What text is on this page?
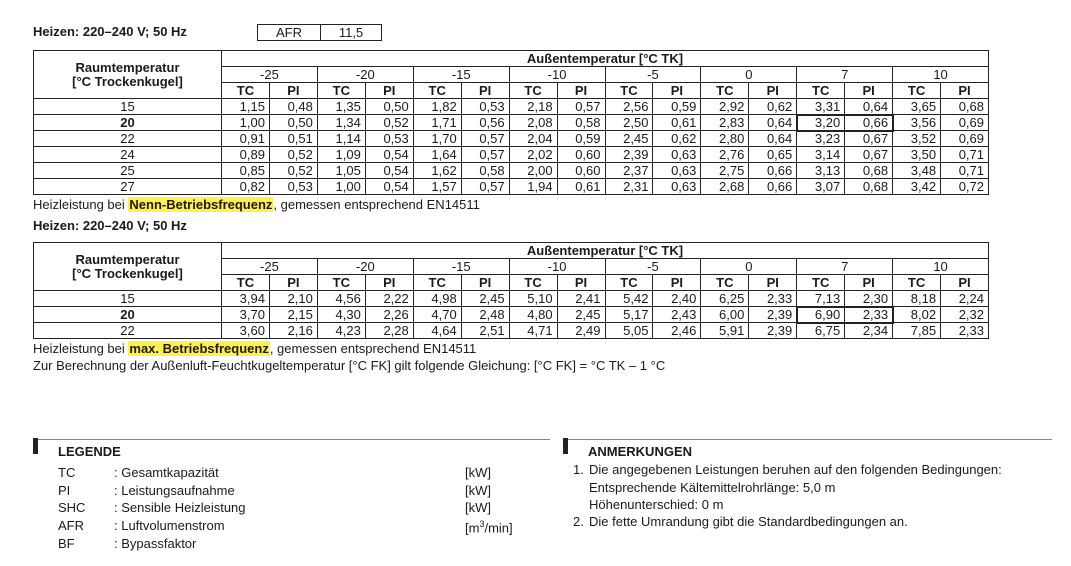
Heizen: 220–240 V; 50 Hz	AFR	11,5
Raumtemperatur
[°C Trockenkugel]	Außentemperatur [°C TK]															
	-25		-20		-15		-10		-5		0		7		10	
	TC	PI	TC	PI	TC	PI	TC	PI	TC	PI	TC	PI	TC	PI	TC	PI
15	1,15	0,48	1,35	0,50	1,82	0,53	2,18	0,57	2,56	0,59	2,92	0,62	3,31	0,64	3,65	0,68
20	1,00	0,50	1,34	0,52	1,71	0,56	2,08	0,58	2,50	0,61	2,83	0,64	3,20	0,66	3,56	0,69
22	0,91	0,51	1,14	0,53	1,70	0,57	2,04	0,59	2,45	0,62	2,80	0,64	3,23	0,67	3,52	0,69
24	0,89	0,52	1,09	0,54	1,64	0,57	2,02	0,60	2,39	0,63	2,76	0,65	3,14	0,67	3,50	0,71
25	0,85	0,52	1,05	0,54	1,62	0,58	2,00	0,60	2,37	0,63	2,75	0,66	3,13	0,68	3,48	0,71
27	0,82	0,53	1,00	0,54	1,57	0,57	1,94	0,61	2,31	0,63	2,68	0,66	3,07	0,68	3,42	0,72
Heizleistung bei Nenn-Betriebsfrequenz, gemessen entsprechend EN14511
Heizen: 220–240 V; 50 Hz
Raumtemperatur
[°C Trockenkugel]	Außentemperatur [°C TK]															
	-25		-20		-15		-10		-5		0		7		10	
	TC	PI	TC	PI	TC	PI	TC	PI	TC	PI	TC	PI	TC	PI	TC	PI
15	3,94	2,10	4,56	2,22	4,98	2,45	5,10	2,41	5,42	2,40	6,25	2,33	7,13	2,30	8,18	2,24
20	3,70	2,15	4,30	2,26	4,70	2,48	4,80	2,45	5,17	2,43	6,00	2,39	6,90	2,33	8,02	2,32
22	3,60	2,16	4,23	2,28	4,64	2,51	4,71	2,49	5,05	2,46	5,91	2,39	6,75	2,34	7,85	2,33
Heizleistung bei max. Betriebsfrequenz, gemessen entsprechend EN14511
Zur Berechnung der Außenluft-Feuchtkugeltemperatur [°C FK] gilt folgende Gleichung: [°C FK] = °C TK – 1 °C
LEGENDE
TC	: Gesamtkapazität	[kW]
PI	: Leistungsaufnahme	[kW]
SHC : Sensible Heizleistung	[kW]
AFR : Luftvolumenstrom	$[m^3/\min]$
BF	: Bypassfaktor
ANMERKUNGEN
1. Die angegebenen Leistungen beruhen auf den folgenden Bedingungen:
Entsprechende Kältemittelrohrlänge: 5,0 m
Höhenunterschied: 0 m
2. Die fette Umrandung gibt die Standardbedingungen an.
